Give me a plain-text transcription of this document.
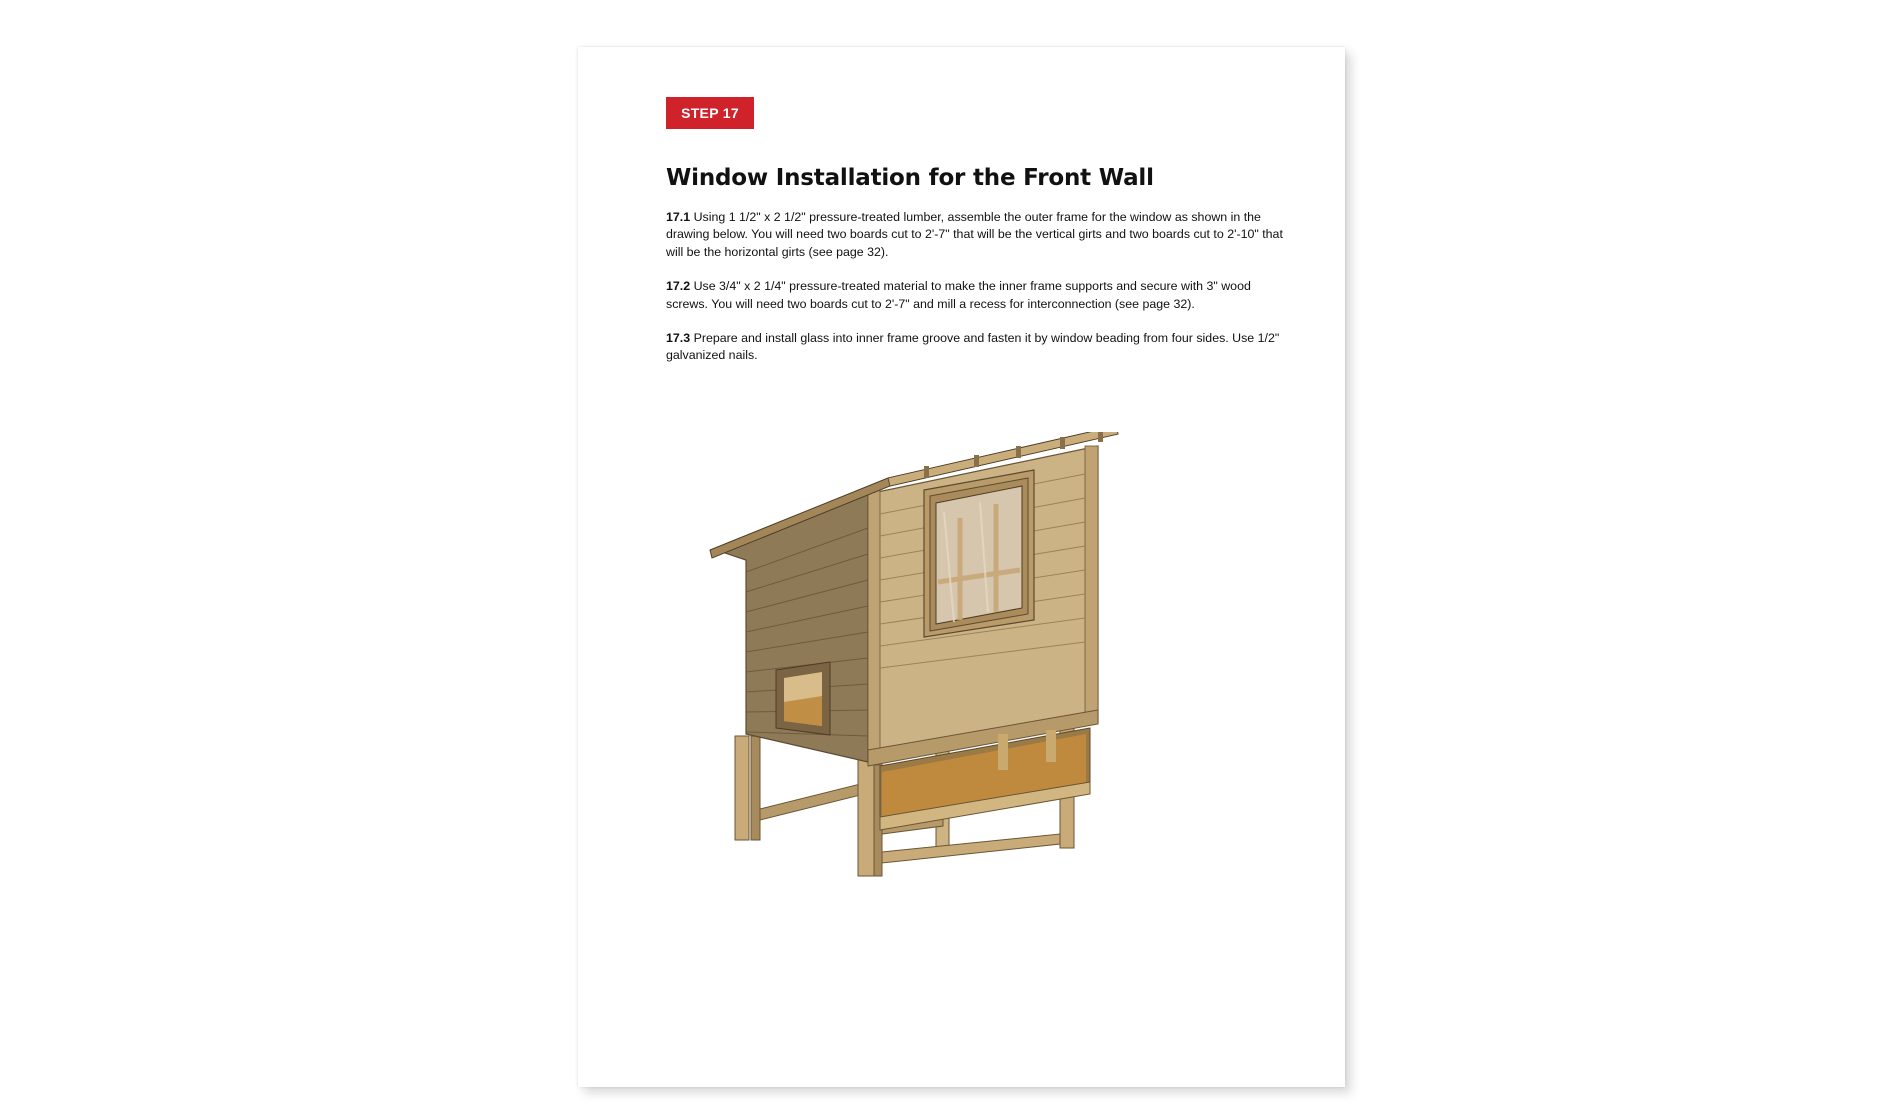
STEP 17
Window Installation for the Front Wall

17.1 Using 1 1/2" x 2 1/2" pressure-treated lumber, assemble the outer frame for the window as shown in the drawing below. You will need two boards cut to 2'-7" that will be the vertical girts and two boards cut to 2'-10" that will be the horizontal girts (see page 32).

17.2 Use 3/4" x 2 1/4" pressure-treated material to make the inner frame supports and secure with 3" wood screws. You will need two boards cut to 2'-7" and mill a recess for interconnection (see page 32).

17.3 Prepare and install glass into inner frame groove and fasten it by window beading from four sides. Use 1/2" galvanized nails.
